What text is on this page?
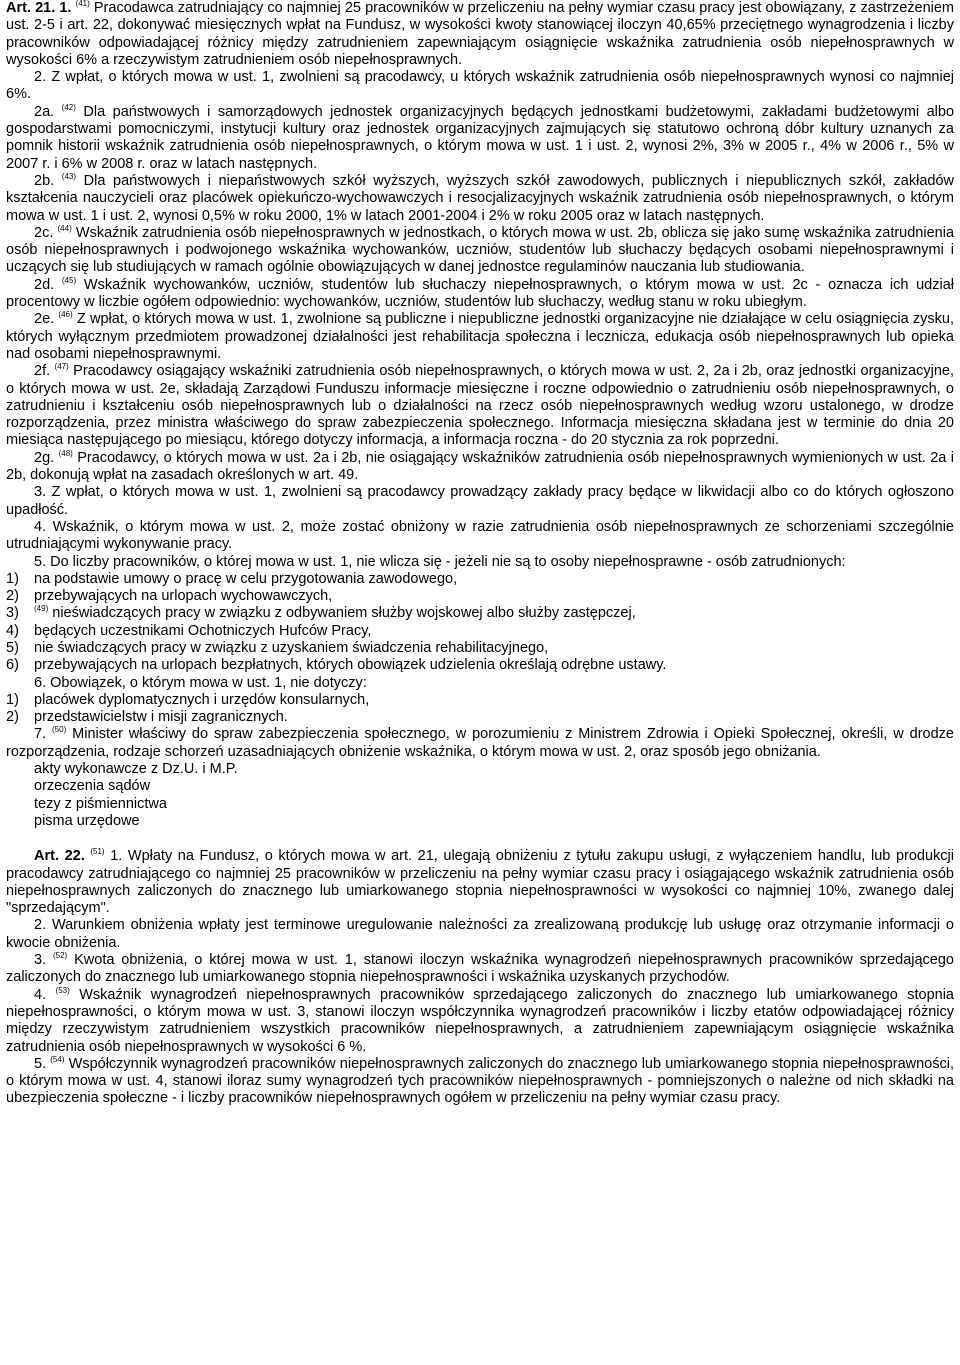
Art. 21. 1. $^{(41)}$ Pracodawca zatrudniający co najmniej 25 pracowników w przeliczeniu na pełny wymiar czasu pracy jest obowiązany, z zastrzeżeniem ust. 2-5 i art. 22, dokonywać miesięcznych wpłat na Fundusz, w wysokości kwoty stanowiącej iloczyn 40,65% przeciętnego wynagrodzenia i liczby pracowników odpowiadającej różnicy między zatrudnieniem zapewniającym osiągnięcie wskaźnika zatrudnienia osób niepełnosprawnych w wysokości 6% a rzeczywistym zatrudnieniem osób niepełnosprawnych.

2. Z wpłat, o których mowa w ust. 1, zwolnieni są pracodawcy, u których wskaźnik zatrudnienia osób niepełnosprawnych wynosi co najmniej 6%.

2a. $^{(42)}$ Dla państwowych i samorządowych jednostek organizacyjnych będących jednostkami budżetowymi, zakładami budżetowymi albo gospodarstwami pomocniczymi, instytucji kultury oraz jednostek organizacyjnych zajmujących się statutowo ochroną dóbr kultury uznanych za pomnik historii wskaźnik zatrudnienia osób niepełnosprawnych, o którym mowa w ust. 1 i ust. 2, wynosi 2%, 3% w 2005 r., 4% w 2006 r., 5% w 2007 r. i 6% w 2008 r. oraz w latach następnych.

2b. $^{(43)}$ Dla państwowych i niepaństwowych szkół wyższych, wyższych szkół zawodowych, publicznych i niepublicznych szkół, zakładów kształcenia nauczycieli oraz placówek opiekuńczo-wychowawczych i resocjalizacyjnych wskaźnik zatrudnienia osób niepełnosprawnych, o którym mowa w ust. 1 i ust. 2, wynosi 0,5% w roku 2000, 1% w latach 2001-2004 i 2% w roku 2005 oraz w latach następnych.

2c. $^{(44)}$ Wskaźnik zatrudnienia osób niepełnosprawnych w jednostkach, o których mowa w ust. 2b, oblicza się jako sumę wskaźnika zatrudnienia osób niepełnosprawnych i podwojonego wskaźnika wychowanków, uczniów, studentów lub słuchaczy będących osobami niepełnosprawnymi i uczących się lub studiujących w ramach ogólnie obowiązujących w danej jednostce regulaminów nauczania lub studiowania.

2d. $^{(45)}$ Wskaźnik wychowanków, uczniów, studentów lub słuchaczy niepełnosprawnych, o którym mowa w ust. 2c - oznacza ich udział procentowy w liczbie ogółem odpowiednio: wychowanków, uczniów, studentów lub słuchaczy, według stanu w roku ubiegłym.

2e. $^{(46)}$ Z wpłat, o których mowa w ust. 1, zwolnione są publiczne i niepubliczne jednostki organizacyjne nie działające w celu osiągnięcia zysku, których wyłącznym przedmiotem prowadzonej działalności jest rehabilitacja społeczna i lecznicza, edukacja osób niepełnosprawnych lub opieka nad osobami niepełnosprawnymi.

2f. $^{(47)}$ Pracodawcy osiągający wskaźniki zatrudnienia osób niepełnosprawnych, o których mowa w ust. 2, 2a i 2b, oraz jednostki organizacyjne, o których mowa w ust. 2e, składają Zarządowi Funduszu informacje miesięczne i roczne odpowiednio o zatrudnieniu osób niepełnosprawnych, o zatrudnieniu i kształceniu osób niepełnosprawnych lub o działalności na rzecz osób niepełnosprawnych według wzoru ustalonego, w drodze rozporządzenia, przez ministra właściwego do spraw zabezpieczenia społecznego. Informacja miesięczna składana jest w terminie do dnia 20 miesiąca następującego po miesiącu, którego dotyczy informacja, a informacja roczna - do 20 stycznia za rok poprzedni.

2g. $^{(48)}$ Pracodawcy, o których mowa w ust. 2a i 2b, nie osiągający wskaźników zatrudnienia osób niepełnosprawnych wymienionych w ust. 2a i 2b, dokonują wpłat na zasadach określonych w art. 49.

3. Z wpłat, o których mowa w ust. 1, zwolnieni są pracodawcy prowadzący zakłady pracy będące w likwidacji albo co do których ogłoszono upadłość.

4. Wskaźnik, o którym mowa w ust. 2, może zostać obniżony w razie zatrudnienia osób niepełnosprawnych ze schorzeniami szczególnie utrudniającymi wykonywanie pracy.

5. Do liczby pracowników, o której mowa w ust. 1, nie wlicza się - jeżeli nie są to osoby niepełnosprawne - osób zatrudnionych:

1)	na podstawie umowy o pracę w celu przygotowania zawodowego,
2)	przebywających na urlopach wychowawczych,
3)	$^{(49)}$ nieświadczących pracy w związku z odbywaniem służby wojskowej albo służby zastępczej,
4)	będących uczestnikami Ochotniczych Hufców Pracy,
5)	nie świadczących pracy w związku z uzyskaniem świadczenia rehabilitacyjnego,
6)	przebywających na urlopach bezpłatnych, których obowiązek udzielenia określają odrębne ustawy.

6. Obowiązek, o którym mowa w ust. 1, nie dotyczy:

1)	placówek dyplomatycznych i urzędów konsularnych,
2)	przedstawicielstw i misji zagranicznych.

7. $^{(50)}$ Minister właściwy do spraw zabezpieczenia społecznego, w porozumieniu z Ministrem Zdrowia i Opieki Społecznej, określi, w drodze rozporządzenia, rodzaje schorzeń uzasadniających obniżenie wskaźnika, o którym mowa w ust. 2, oraz sposób jego obniżania.

akty wykonawcze z Dz.U. i M.P.
orzeczenia sądów
tezy z piśmiennictwa
pisma urzędowe

Art. 22. $^{(51)}$ 1. Wpłaty na Fundusz, o których mowa w art. 21, ulegają obniżeniu z tytułu zakupu usługi, z wyłączeniem handlu, lub produkcji pracodawcy zatrudniającego co najmniej 25 pracowników w przeliczeniu na pełny wymiar czasu pracy i osiągającego wskaźnik zatrudnienia osób niepełnosprawnych zaliczonych do znacznego lub umiarkowanego stopnia niepełnosprawności w wysokości co najmniej 10%, zwanego dalej "sprzedającym".

2. Warunkiem obniżenia wpłaty jest terminowe uregulowanie należności za zrealizowaną produkcję lub usługę oraz otrzymanie informacji o kwocie obniżenia.

3. $^{(52)}$ Kwota obniżenia, o której mowa w ust. 1, stanowi iloczyn wskaźnika wynagrodzeń niepełnosprawnych pracowników sprzedającego zaliczonych do znacznego lub umiarkowanego stopnia niepełnosprawności i wskaźnika uzyskanych przychodów.

4. $^{(53)}$ Wskaźnik wynagrodzeń niepełnosprawnych pracowników sprzedającego zaliczonych do znacznego lub umiarkowanego stopnia niepełnosprawności, o którym mowa w ust. 3, stanowi iloczyn współczynnika wynagrodzeń pracowników i liczby etatów odpowiadającej różnicy między rzeczywistym zatrudnieniem wszystkich pracowników niepełnosprawnych, a zatrudnieniem zapewniającym osiągnięcie wskaźnika zatrudnienia osób niepełnosprawnych w wysokości 6 %.

5. $^{(54)}$ Współczynnik wynagrodzeń pracowników niepełnosprawnych zaliczonych do znacznego lub umiarkowanego stopnia niepełnosprawności, o którym mowa w ust. 4, stanowi iloraz sumy wynagrodzeń tych pracowników niepełnosprawnych - pomniejszonych o należne od nich składki na ubezpieczenia społeczne - i liczby pracowników niepełnosprawnych ogółem w przeliczeniu na pełny wymiar czasu pracy.
